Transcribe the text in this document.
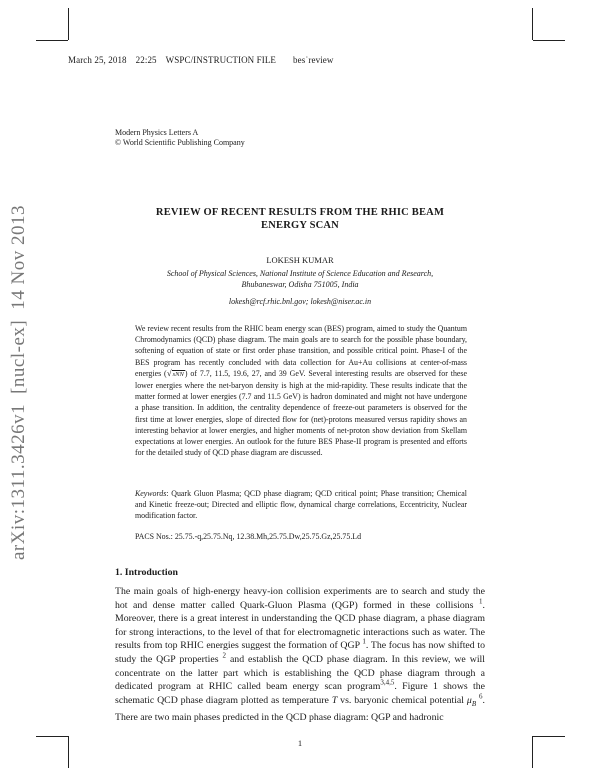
arXiv:1311.3426v1[nucl-ex]14 Nov 2013
March 25, 2018 22:25 WSPC/INSTRUCTION FILE bes˙review
Modern Physics Letters A
© World Scientific Publishing Company
REVIEW OF RECENT RESULTS FROM THE RHIC BEAM
ENERGY SCAN
LOKESH KUMAR
School of Physical Sciences, National Institute of Science Education and Research,
Bhubaneswar, Odisha 751005, India
lokesh@rcf.rhic.bnl.gov; lokesh@niser.ac.in
We review recent results from the RHIC beam energy scan (BES) program, aimed to study the Quantum Chromodynamics (QCD) phase diagram. The main goals are to search for the possible phase boundary, softening of equation of state or first order phase transition, and possible critical point. Phase-I of the BES program has recently concluded with data collection for Au+Au collisions at center-of-mass energies (√sNN) of 7.7, 11.5, 19.6, 27, and 39 GeV. Several interesting results are observed for these lower energies where the net-baryon density is high at the mid-rapidity. These results indicate that the matter formed at lower energies (7.7 and 11.5 GeV) is hadron dominated and might not have undergone a phase transition. In addition, the centrality dependence of freeze-out parameters is observed for the first time at lower energies, slope of directed flow for (net)-protons measured versus rapidity shows an interesting behavior at lower energies, and higher moments of net-proton show deviation from Skellam expectations at lower energies. An outlook for the future BES Phase-II program is presented and efforts for the detailed study of QCD phase diagram are discussed.
Keywords: Quark Gluon Plasma; QCD phase diagram; QCD critical point; Phase transition; Chemical and Kinetic freeze-out; Directed and elliptic flow, dynamical charge correlations, Eccentricity, Nuclear modification factor.
PACS Nos.: 25.75.-q,25.75.Nq, 12.38.Mh,25.75.Dw,25.75.Gz,25.75.Ld
1. Introduction
The main goals of high-energy heavy-ion collision experiments are to search and study the hot and dense matter called Quark-Gluon Plasma (QGP) formed in these collisions $^1$. Moreover, there is a great interest in understanding the QCD phase diagram, a phase diagram for strong interactions, to the level of that for electromagnetic interactions such as water. The results from top RHIC energies suggest the formation of QGP $^1$. The focus has now shifted to study the QGP properties $^2$ and establish the QCD phase diagram. In this review, we will concentrate on the latter part which is establishing the QCD phase diagram through a dedicated program at RHIC called beam energy scan program$^{3,4,5}$. Figure 1 shows the schematic QCD phase diagram plotted as temperature T vs. baryonic chemical potential $\mu_B$ $^6$. There are two main phases predicted in the QCD phase diagram: QGP and hadronic
1
